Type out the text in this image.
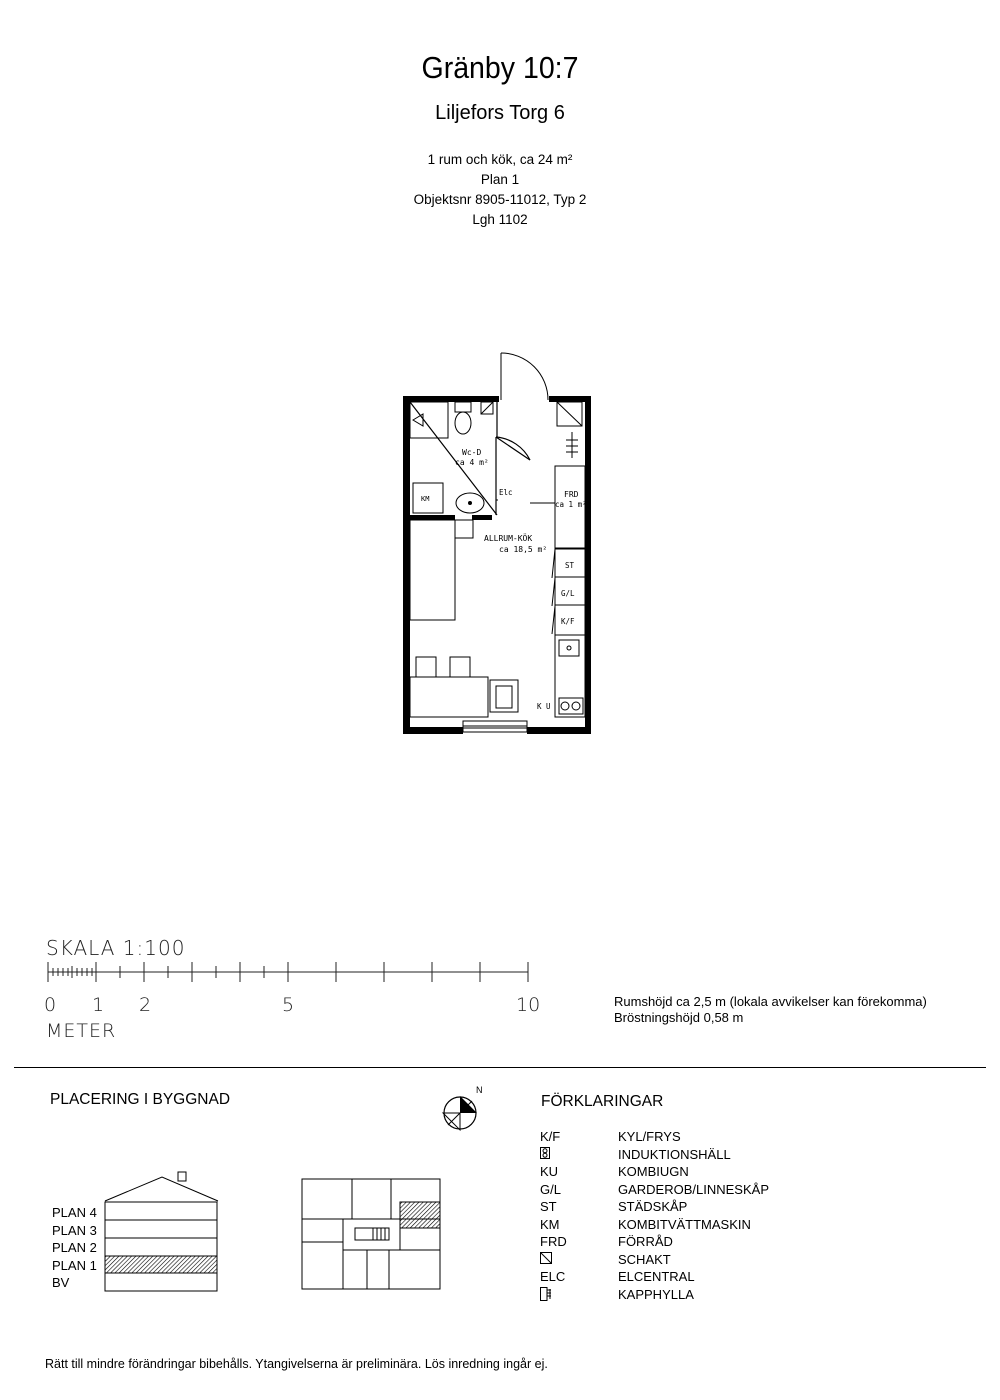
Gränby 10:7
Liljefors Torg 6
1 rum och kök, ca 24 m²
Plan 1
Objektsnr 8905-11012, Typ 2
Lgh 1102
Wc-D
ca 4 m²
KM
Elc	FRD
ca 1 m²
ALLRUM-KÖK
ca 18,5 m²
ST
G/L
K/F
K U
SKALA 1:100
0 1 2	5	10
METER
Rumshöjd ca 2,5 m (lokala avvikelser kan förekomma)
Bröstningshöjd 0,58 m
PLACERING I BYGGNAD
PLAN 4
PLAN 3
PLAN 2
PLAN 1
BV
N
FÖRKLARINGAR
K/F	KYL/FRYS
INDUKTIONSHÄLL
KU	KOMBIUGN
G/L	GARDEROB/LINNESKÅP
ST	STÄDSKÅP
KM	KOMBITVÄTTMASKIN
FRD	FÖRRÅD
SCHAKT
ELC	ELCENTRAL
KAPPHYLLA
Rätt till mindre förändringar bibehålls. Ytangivelserna är preliminära. Lös inredning ingår ej.
